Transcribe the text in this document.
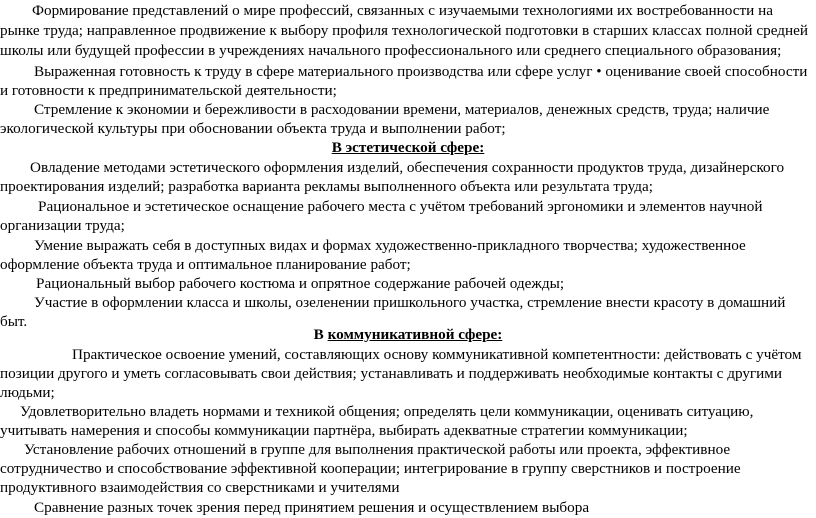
Формирование представлений о мире профессий, связанных с изучаемыми технологиями их востребованности на
рынке труда; направленное продвижение к выбору профиля технологической подготовки в старших классах полной средней
школы или будущей профессии в учреждениях начального профессионального или среднего специального образования;
Выраженная готовность к труду в сфере материального производства или сфере услуг • оценивание своей способности
и готовности к предпринимательской деятельности;
Стремление к экономии и бережливости в расходовании времени, материалов, денежных средств, труда; наличие
экологической культуры при обосновании объекта труда и выполнении работ;
В эстетической сфере:
Овладение методами эстетического оформления изделий, обеспечения сохранности продуктов труда, дизайнерского
проектирования изделий; разработка варианта рекламы выполненного объекта или результата труда;
Рациональное и эстетическое оснащение рабочего места с учётом требований эргономики и элементов научной
организации труда;
Умение выражать себя в доступных видах и формах художественно-прикладного творчества; художественное
оформление объекта труда и оптимальное планирование работ;
Рациональный выбор рабочего костюма и опрятное содержание рабочей одежды;
Участие в оформлении класса и школы, озеленении пришкольного участка, стремление внести красоту в домашний
быт.
В коммуникативной сфере:
Практическое освоение умений, составляющих основу коммуникативной компетентности: действовать с учётом
позиции другого и уметь согласовывать свои действия; устанавливать и поддерживать необходимые контакты с другими
людьми;
Удовлетворительно владеть нормами и техникой общения; определять цели коммуникации, оценивать ситуацию,
учитывать намерения и способы коммуникации партнёра, выбирать адекватные стратегии коммуникации;
Установление рабочих отношений в группе для выполнения практической работы или проекта, эффективное
сотрудничество и способствование эффективной кооперации; интегрирование в группу сверстников и построение
продуктивного взаимодействия со сверстниками и учителями
Сравнение разных точек зрения перед принятием решения и осуществлением выбора
